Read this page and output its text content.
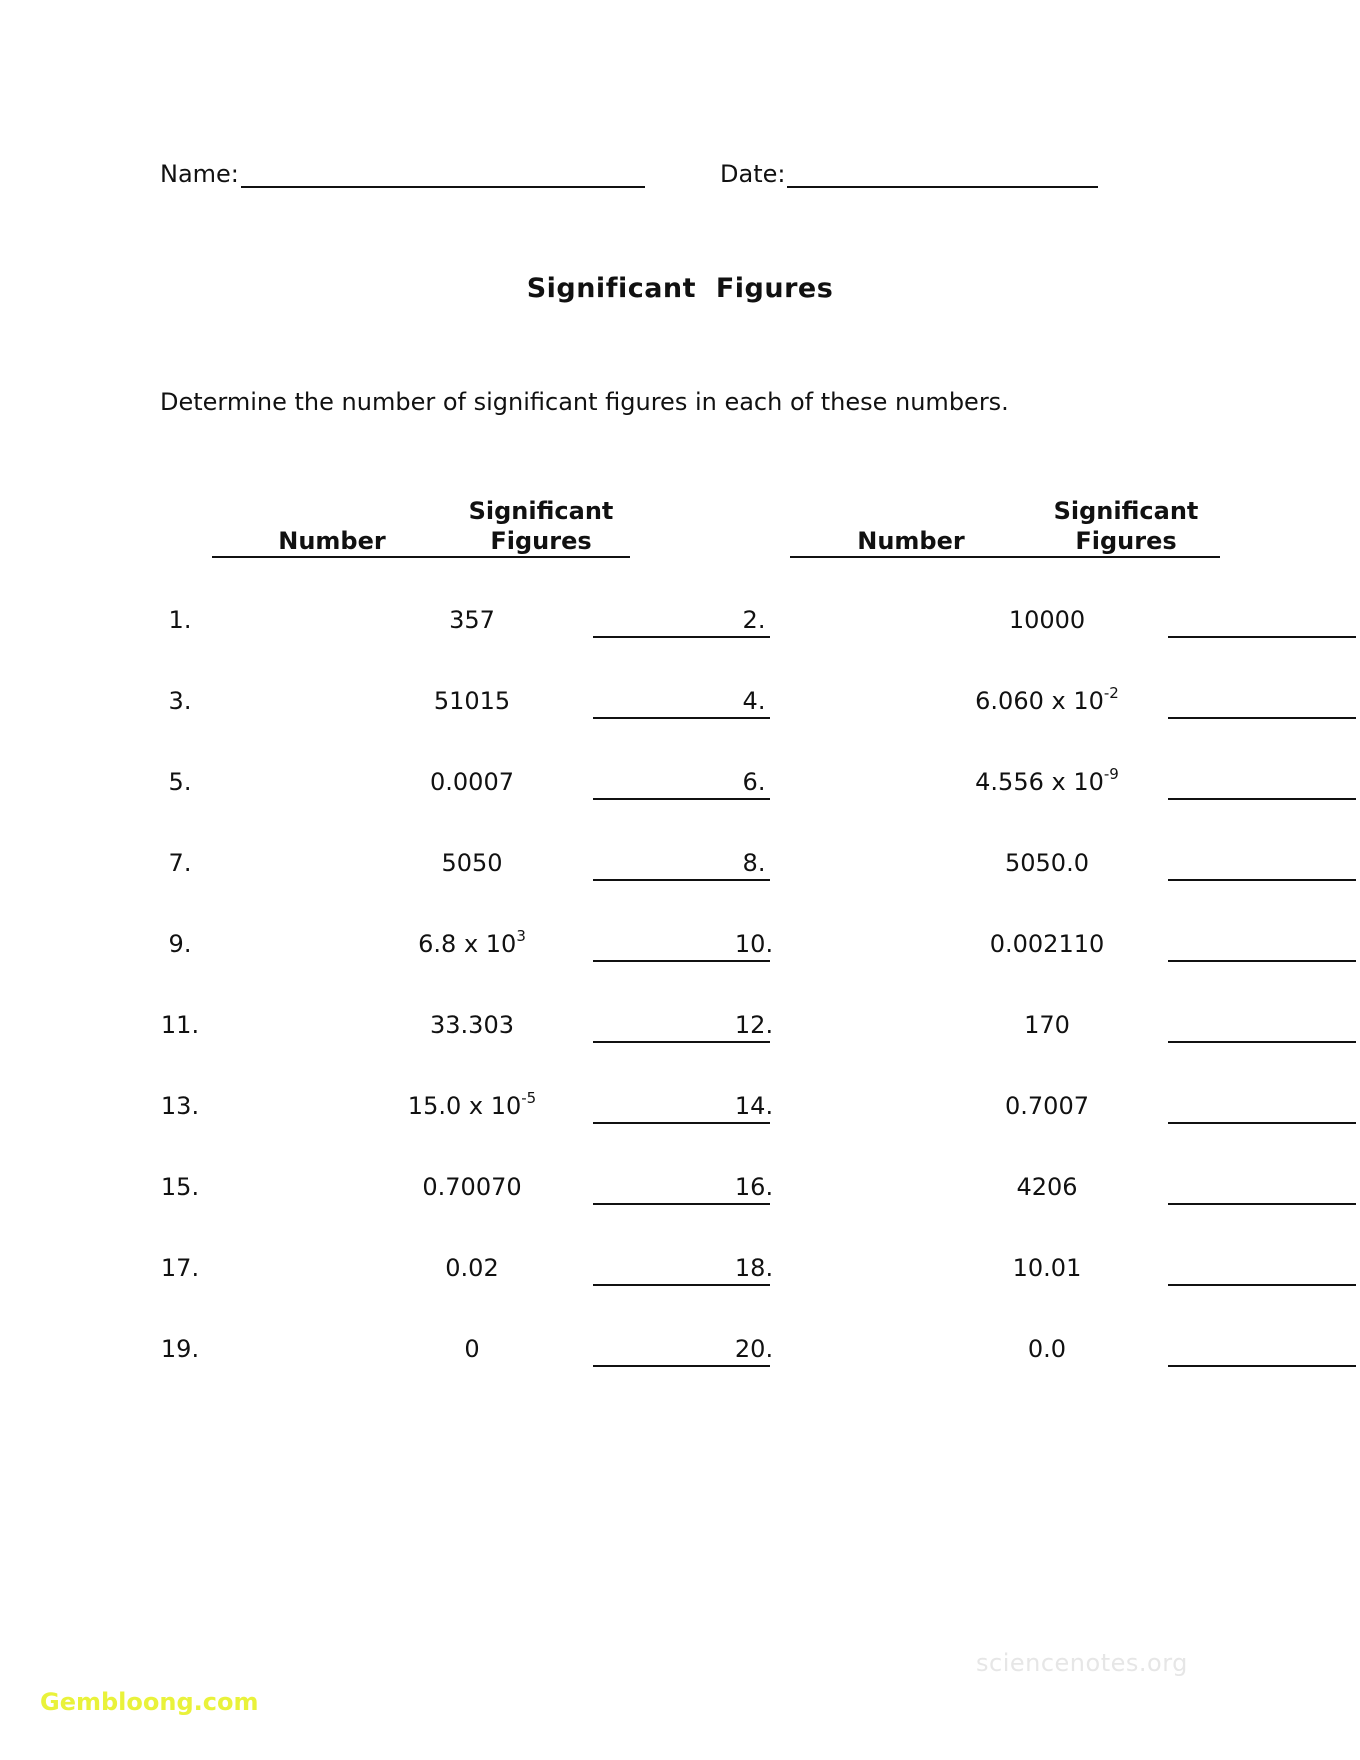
Name:	Date:
Significant  Figures
Determine the number of significant figures in each of these numbers.
Number
Significant
Figures	Number
Significant
Figures
1.	357
3.	51015
5.	0.0007
7.	5050
9.	6.8 x $10^3$
11.	33.303
13.	15.0 x $10^{-5}$
15.	0.70070
17.	0.02
19.	0
2.	10000
4.	6.060 x $10^{-2}$
6.	4.556 x $10^{-9}$
8.	5050.0
10.	0.002110
12.	170
14.	0.7007
16.	4206
18.	10.01
20.	0.0
sciencenotes.org
Gembloong.com
